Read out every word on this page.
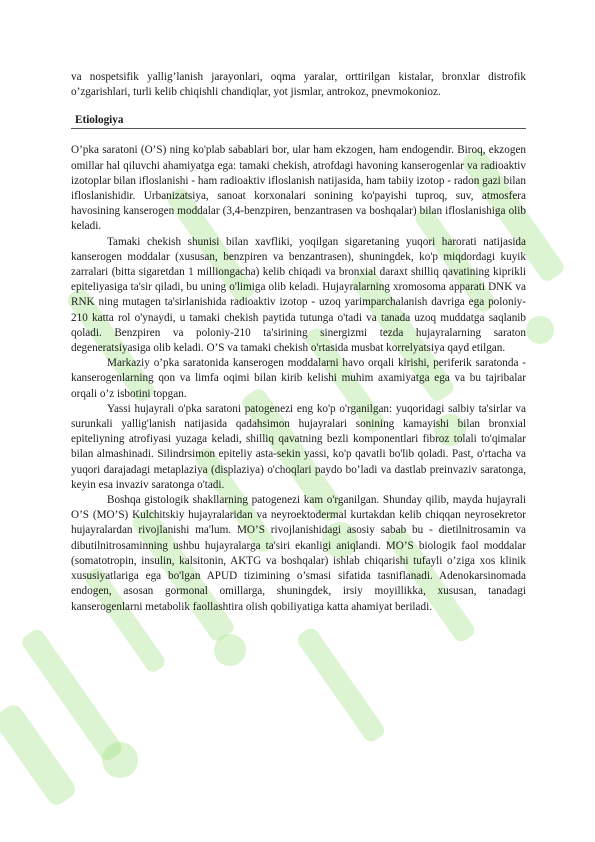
va nospetsifik yallig’lanish jarayonlari, oqma yaralar, orttirilgan kistalar, bronxlar distrofik o’zgarishlari, turli kelib chiqishli chandiqlar, yot jismlar, antrokoz, pnevmokonioz.

Etiologiya

O’pka saratoni (O’S) ning ko'plab sabablari bor, ular ham ekzogen, ham endogendir. Biroq, ekzogen omillar hal qiluvchi ahamiyatga ega: tamaki chekish, atrofdagi havoning kanserogenlar va radioaktiv izotoplar bilan ifloslanishi - ham radioaktiv ifloslanish natijasida, ham tabiiy izotop - radon gazi bilan ifloslanishidir. Urbanizatsiya, sanoat korxonalari sonining ko'payishi tuproq, suv, atmosfera havosining kanserogen moddalar (3,4-benzpiren, benzantrasen va boshqalar) bilan ifloslanishiga olib keladi.

Tamaki chekish shunisi bilan xavfliki, yoqilgan sigaretaning yuqori harorati natijasida kanserogen moddalar (xususan, benzpiren va benzantrasen), shuningdek, ko'p miqdordagi kuyik zarralari (bitta sigaretdan 1 milliongacha) kelib chiqadi va bronxial daraxt shilliq qavatining kiprikli epiteliyasiga ta'sir qiladi, bu uning o'limiga olib keladi. Hujayralarning xromosoma apparati DNK va RNK ning mutagen ta'sirlanishida radioaktiv izotop - uzoq yarimparchalanish davriga ega poloniy-210 katta rol o'ynaydi, u tamaki chekish paytida tutunga o'tadi va tanada uzoq muddatga saqlanib qoladi. Benzpiren va poloniy-210 ta'sirining sinergizmi tezda hujayralarning saraton degeneratsiyasiga olib keladi. O’S va tamaki chekish o'rtasida musbat korrelyatsiya qayd etilgan.

Markaziy o’pka saratonida kanserogen moddalarni havo orqali kirishi, periferik saratonda - kanserogenlarning qon va limfa oqimi bilan kirib kelishi muhim axamiyatga ega va bu tajribalar orqali o’z isbotini topgan.

Yassi hujayrali o'pka saratoni patogenezi eng ko'p o'rganilgan: yuqoridagi salbiy ta'sirlar va surunkali yallig'lanish natijasida qadahsimon hujayralari sonining kamayishi bilan bronxial epiteliyning atrofiyasi yuzaga keladi, shilliq qavatning bezli komponentlari fibroz tolali to'qimalar bilan almashinadi. Silindrsimon epiteliy asta-sekin yassi, ko'p qavatli bo'lib qoladi. Past, o'rtacha va yuqori darajadagi metaplaziya (displaziya) o'choqlari paydo bo’ladi va dastlab preinvaziv saratonga, keyin esa invaziv saratonga o'tadi.

Boshqa gistologik shakllarning patogenezi kam o'rganilgan. Shunday qilib, mayda hujayrali O’S (MO’S) Kulchitskiy hujayralaridan va neyroektodermal kurtakdan kelib chiqqan neyrosekretor hujayralardan rivojlanishi ma'lum. MO’S rivojlanishidagi asosiy sabab bu - dietilnitrosamin va dibutilnitrosaminning ushbu hujayralarga ta'siri ekanligi aniqlandi. MO’S biologik faol moddalar (somatotropin, insulin, kalsitonin, AKTG va boshqalar) ishlab chiqarishi tufayli o’ziga xos klinik xususiyatlariga ega bo'lgan APUD tizimining o’smasi sifatida tasniflanadi. Adenokarsinomada endogen, asosan gormonal omillarga, shuningdek, irsiy moyillikka, xususan, tanadagi kanserogenlarni metabolik faollashtira olish qobiliyatiga katta ahamiyat beriladi.
